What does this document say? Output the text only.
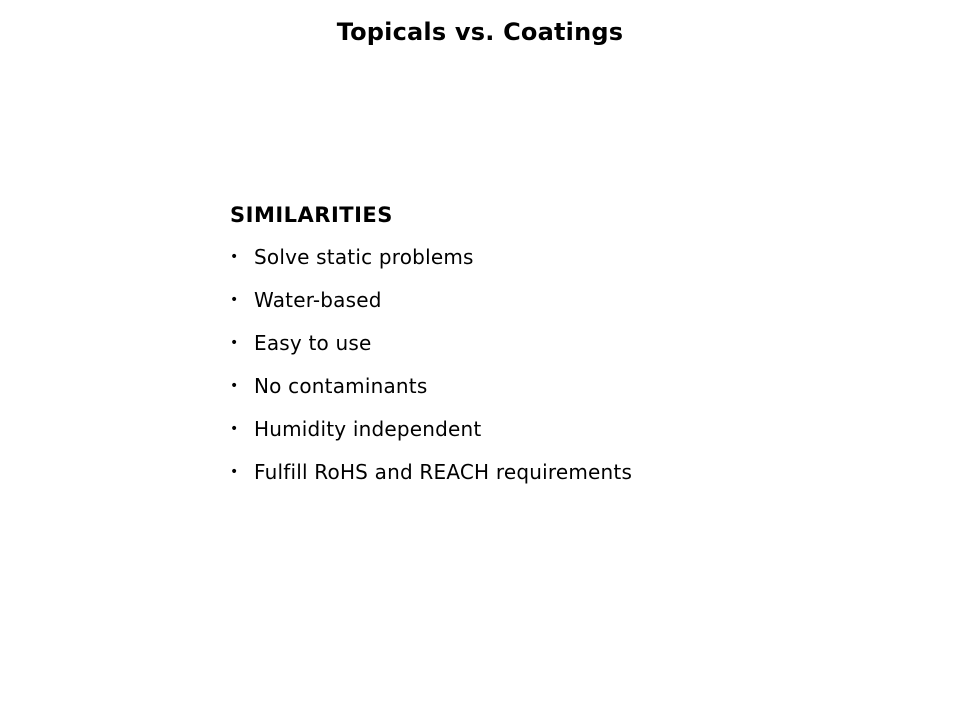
Topicals vs. Coatings
SIMILARITIES
• Solve static problems
• Water-based
• Easy to use
• No contaminants
• Humidity independent
• Fulfill RoHS and REACH requirements
